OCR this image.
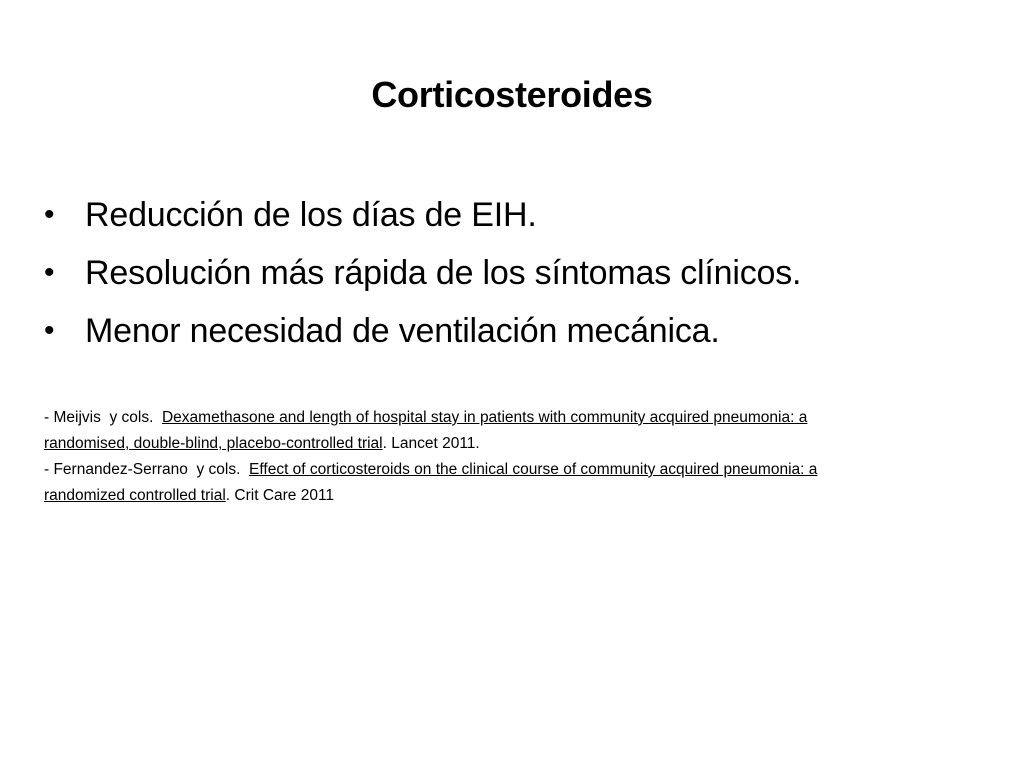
Corticosteroides
• Reducción de los días de EIH.
• Resolución más rápida de los síntomas clínicos.
• Menor necesidad de ventilación mecánica.
- Meijvis  y cols.  Dexamethasone and length of hospital stay in patients with community acquired pneumonia: a
randomised, double-blind, placebo-controlled trial. Lancet 2011.
- Fernandez-Serrano  y cols.  Effect of corticosteroids on the clinical course of community acquired pneumonia: a
randomized controlled trial. Crit Care 2011
